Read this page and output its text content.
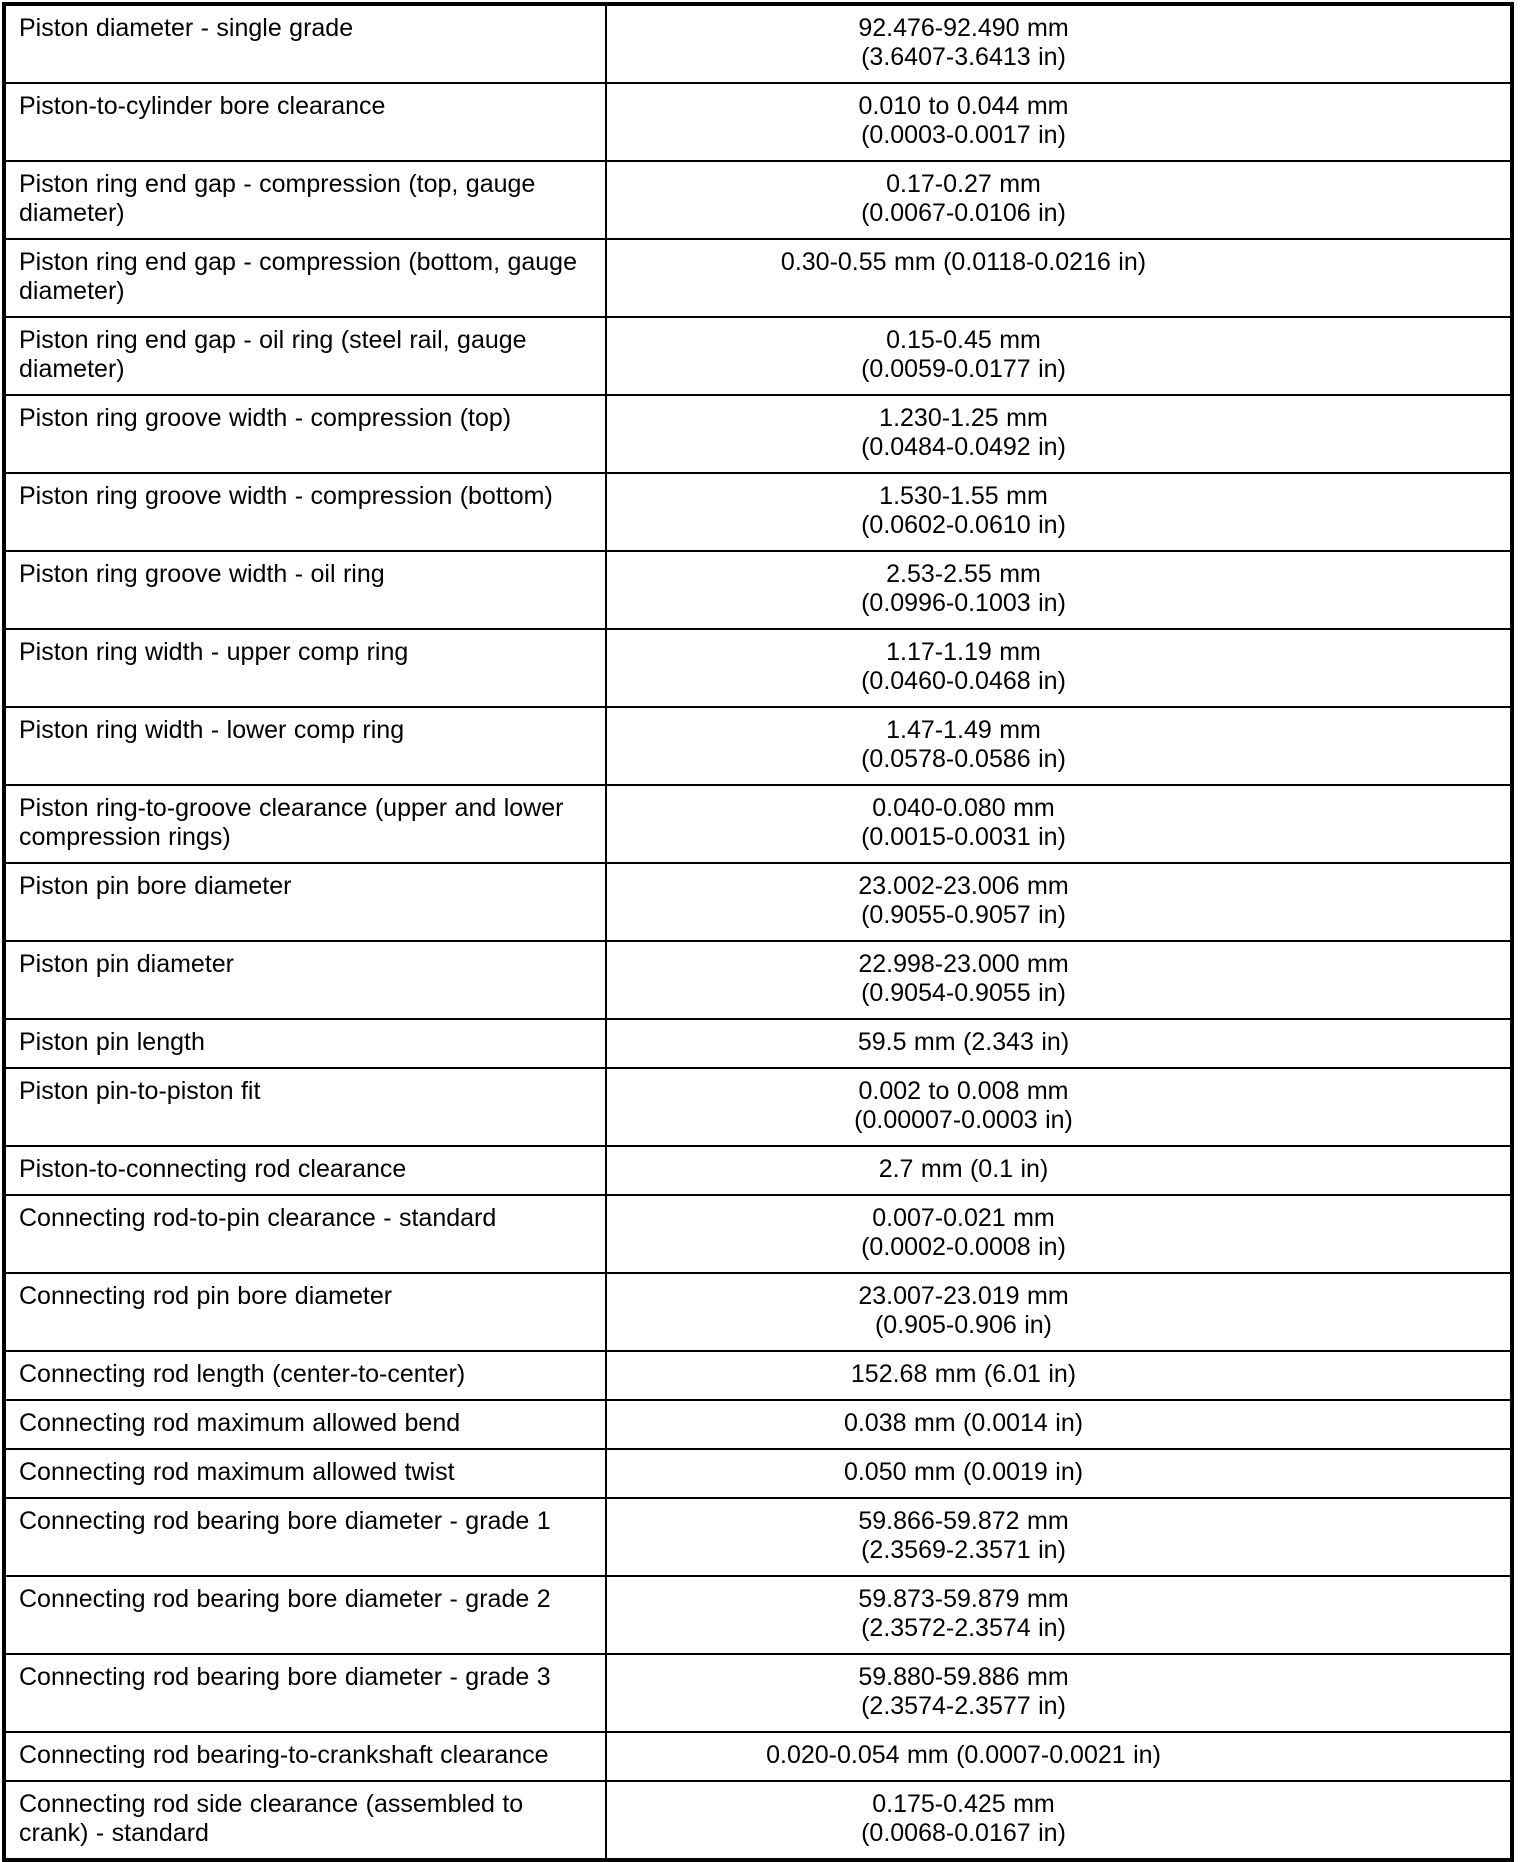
Piston diameter - single grade	92.476-92.490 mm
(3.6407-3.6413 in)

Piston-to-cylinder bore clearance	0.010 to 0.044 mm
(0.0003-0.0017 in)

Piston ring end gap - compression (top, gauge diameter)	0.17-0.27 mm
(0.0067-0.0106 in)

Piston ring end gap - compression (bottom, gauge diameter)	0.30-0.55 mm (0.0118-0.0216 in)

Piston ring end gap - oil ring (steel rail, gauge diameter)	0.15-0.45 mm
(0.0059-0.0177 in)

Piston ring groove width - compression (top)	1.230-1.25 mm
(0.0484-0.0492 in)

Piston ring groove width - compression (bottom)	1.530-1.55 mm
(0.0602-0.0610 in)

Piston ring groove width - oil ring	2.53-2.55 mm
(0.0996-0.1003 in)

Piston ring width - upper comp ring	1.17-1.19 mm
(0.0460-0.0468 in)

Piston ring width - lower comp ring	1.47-1.49 mm
(0.0578-0.0586 in)

Piston ring-to-groove clearance (upper and lower compression rings)	0.040-0.080 mm
(0.0015-0.0031 in)

Piston pin bore diameter	23.002-23.006 mm
(0.9055-0.9057 in)

Piston pin diameter	22.998-23.000 mm
(0.9054-0.9055 in)

Piston pin length	59.5 mm (2.343 in)

Piston pin-to-piston fit	0.002 to 0.008 mm
(0.00007-0.0003 in)

Piston-to-connecting rod clearance	2.7 mm (0.1 in)

Connecting rod-to-pin clearance - standard	0.007-0.021 mm
(0.0002-0.0008 in)

Connecting rod pin bore diameter	23.007-23.019 mm
(0.905-0.906 in)

Connecting rod length (center-to-center)	152.68 mm (6.01 in)

Connecting rod maximum allowed bend	0.038 mm (0.0014 in)

Connecting rod maximum allowed twist	0.050 mm (0.0019 in)

Connecting rod bearing bore diameter - grade 1	59.866-59.872 mm
(2.3569-2.3571 in)

Connecting rod bearing bore diameter - grade 2	59.873-59.879 mm
(2.3572-2.3574 in)

Connecting rod bearing bore diameter - grade 3	59.880-59.886 mm
(2.3574-2.3577 in)

Connecting rod bearing-to-crankshaft clearance	0.020-0.054 mm (0.0007-0.0021 in)

Connecting rod side clearance (assembled to crank) - standard	0.175-0.425 mm
(0.0068-0.0167 in)
